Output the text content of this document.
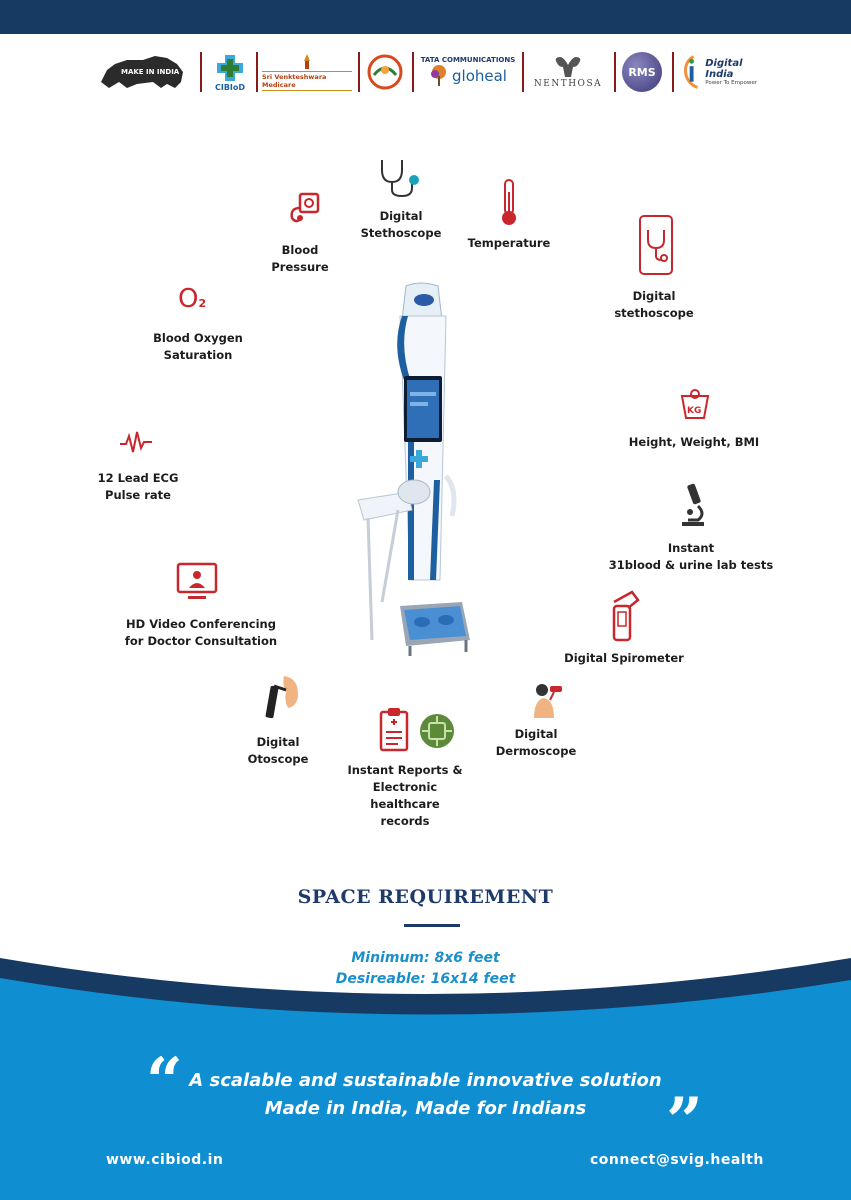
MAKE IN INDIA
CIBIoD
Sri Venkteshwara Medicare
TATA COMMUNICATIONS
gloheal	NENTHOSA
RMS
Digital India
Power To Empower
Blood
Pressure
Digital
Stethoscope
Temperature
Digital stethoscope
O2
Blood Oxygen
Saturation
KG
Height, Weight, BMI
12 Lead ECG
Pulse rate
Instant
31blood & urine lab tests
HD Video Conferencing
for Doctor Consultation
Digital Spirometer
Digital Otoscope
Instant Reports &
Electronic healthcare
records
Digital Dermoscope
SPACE REQUIREMENT
Minimum: 8x6 feet
Desireable: 16x14 feet
“ A scalable and sustainable innovative solution
Made in India, Made for Indians	”
www.cibiod.in	connect@svig.health
